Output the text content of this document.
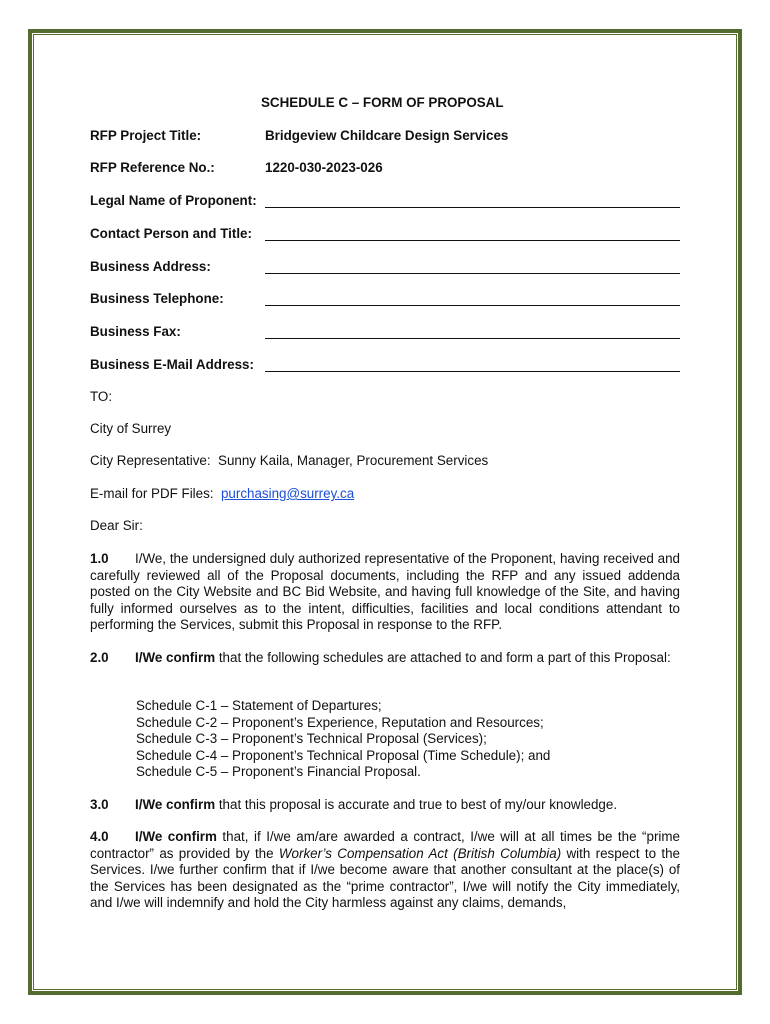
SCHEDULE C – FORM OF PROPOSAL
RFP Project Title:	Bridgeview Childcare Design Services
RFP Reference No.:	1220-030-2023-026
Legal Name of Proponent:
Contact Person and Title:
Business Address:
Business Telephone:
Business Fax:
Business E-Mail Address:
TO:
City of Surrey
City Representative: Sunny Kaila, Manager, Procurement Services
E-mail for PDF Files: purchasing@surrey.ca
Dear Sir:
1.0 I/We, the undersigned duly authorized representative of the Proponent, having received and carefully reviewed all of the Proposal documents, including the RFP and any issued addenda posted on the City Website and BC Bid Website, and having full knowledge of the Site, and having fully informed ourselves as to the intent, difficulties, facilities and local conditions attendant to performing the Services, submit this Proposal in response to the RFP.
2.0 I/We confirm that the following schedules are attached to and form a part of this Proposal:
Schedule C-1 – Statement of Departures;
Schedule C-2 – Proponent’s Experience, Reputation and Resources;
Schedule C-3 – Proponent’s Technical Proposal (Services);
Schedule C-4 – Proponent’s Technical Proposal (Time Schedule); and
Schedule C-5 – Proponent’s Financial Proposal.
3.0 I/We confirm that this proposal is accurate and true to best of my/our knowledge.
4.0 I/We confirm that, if I/we am/are awarded a contract, I/we will at all times be the “prime contractor” as provided by the Worker’s Compensation Act (British Columbia) with respect to the Services. I/we further confirm that if I/we become aware that another consultant at the place(s) of the Services has been designated as the “prime contractor”, I/we will notify the City immediately, and I/we will indemnify and hold the City harmless against any claims, demands,
